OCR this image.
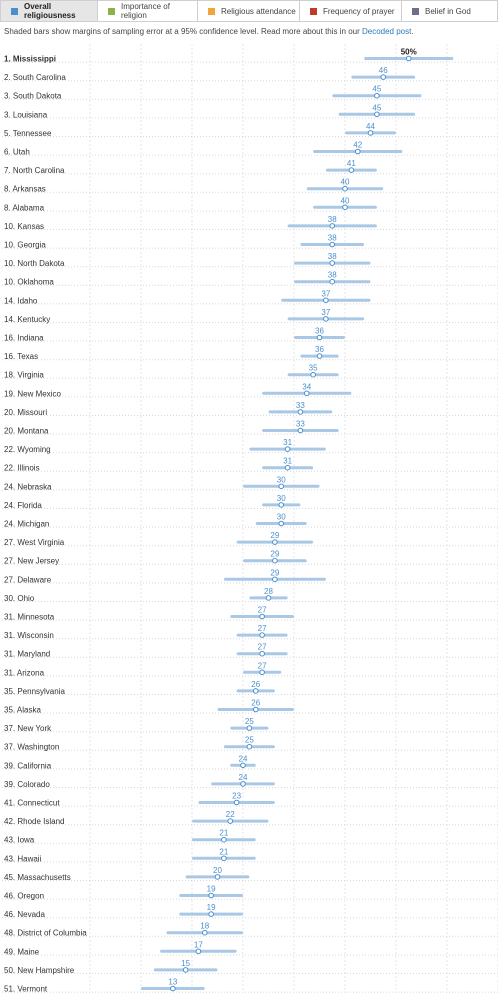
Overall religiousness
Importance of religion	Religious attendance	Frequency of prayer	Belief in God
Shaded bars show margins of sampling error at a 95% confidence level. Read more about this in our Decoded post.
1. Mississippi
50%
2. South Carolina
46
3. South Dakota
45
3. Louisiana
45
5. Tennessee
44
6. Utah
42
7. North Carolina
41
8. Arkansas
40
8. Alabama
40
10. Kansas
38
10. Georgia
38
10. North Dakota
38
10. Oklahoma
38
14. Idaho
37
14. Kentucky
37
16. Indiana
36
16. Texas
36
18. Virginia
35
19. New Mexico
34
20. Missouri
33
20. Montana
33
22. Wyoming
31
22. Illinois
31
24. Nebraska
30
24. Florida
30
24. Michigan
30
27. West Virginia
29
27. New Jersey
29
27. Delaware
29
30. Ohio
28
31. Minnesota
27
31. Wisconsin
27
31. Maryland
27
31. Arizona
27
35. Pennsylvania
26
35. Alaska
26
37. New York
25
37. Washington
25
39. California
24
39. Colorado
24
41. Connecticut
23
42. Rhode Island
22
43. Iowa
21
43. Hawaii
21
45. Massachusetts
20
46. Oregon
19
46. Nevada
19
48. District of Columbia
18
49. Maine
17
50. New Hampshire
15
51. Vermont
13
